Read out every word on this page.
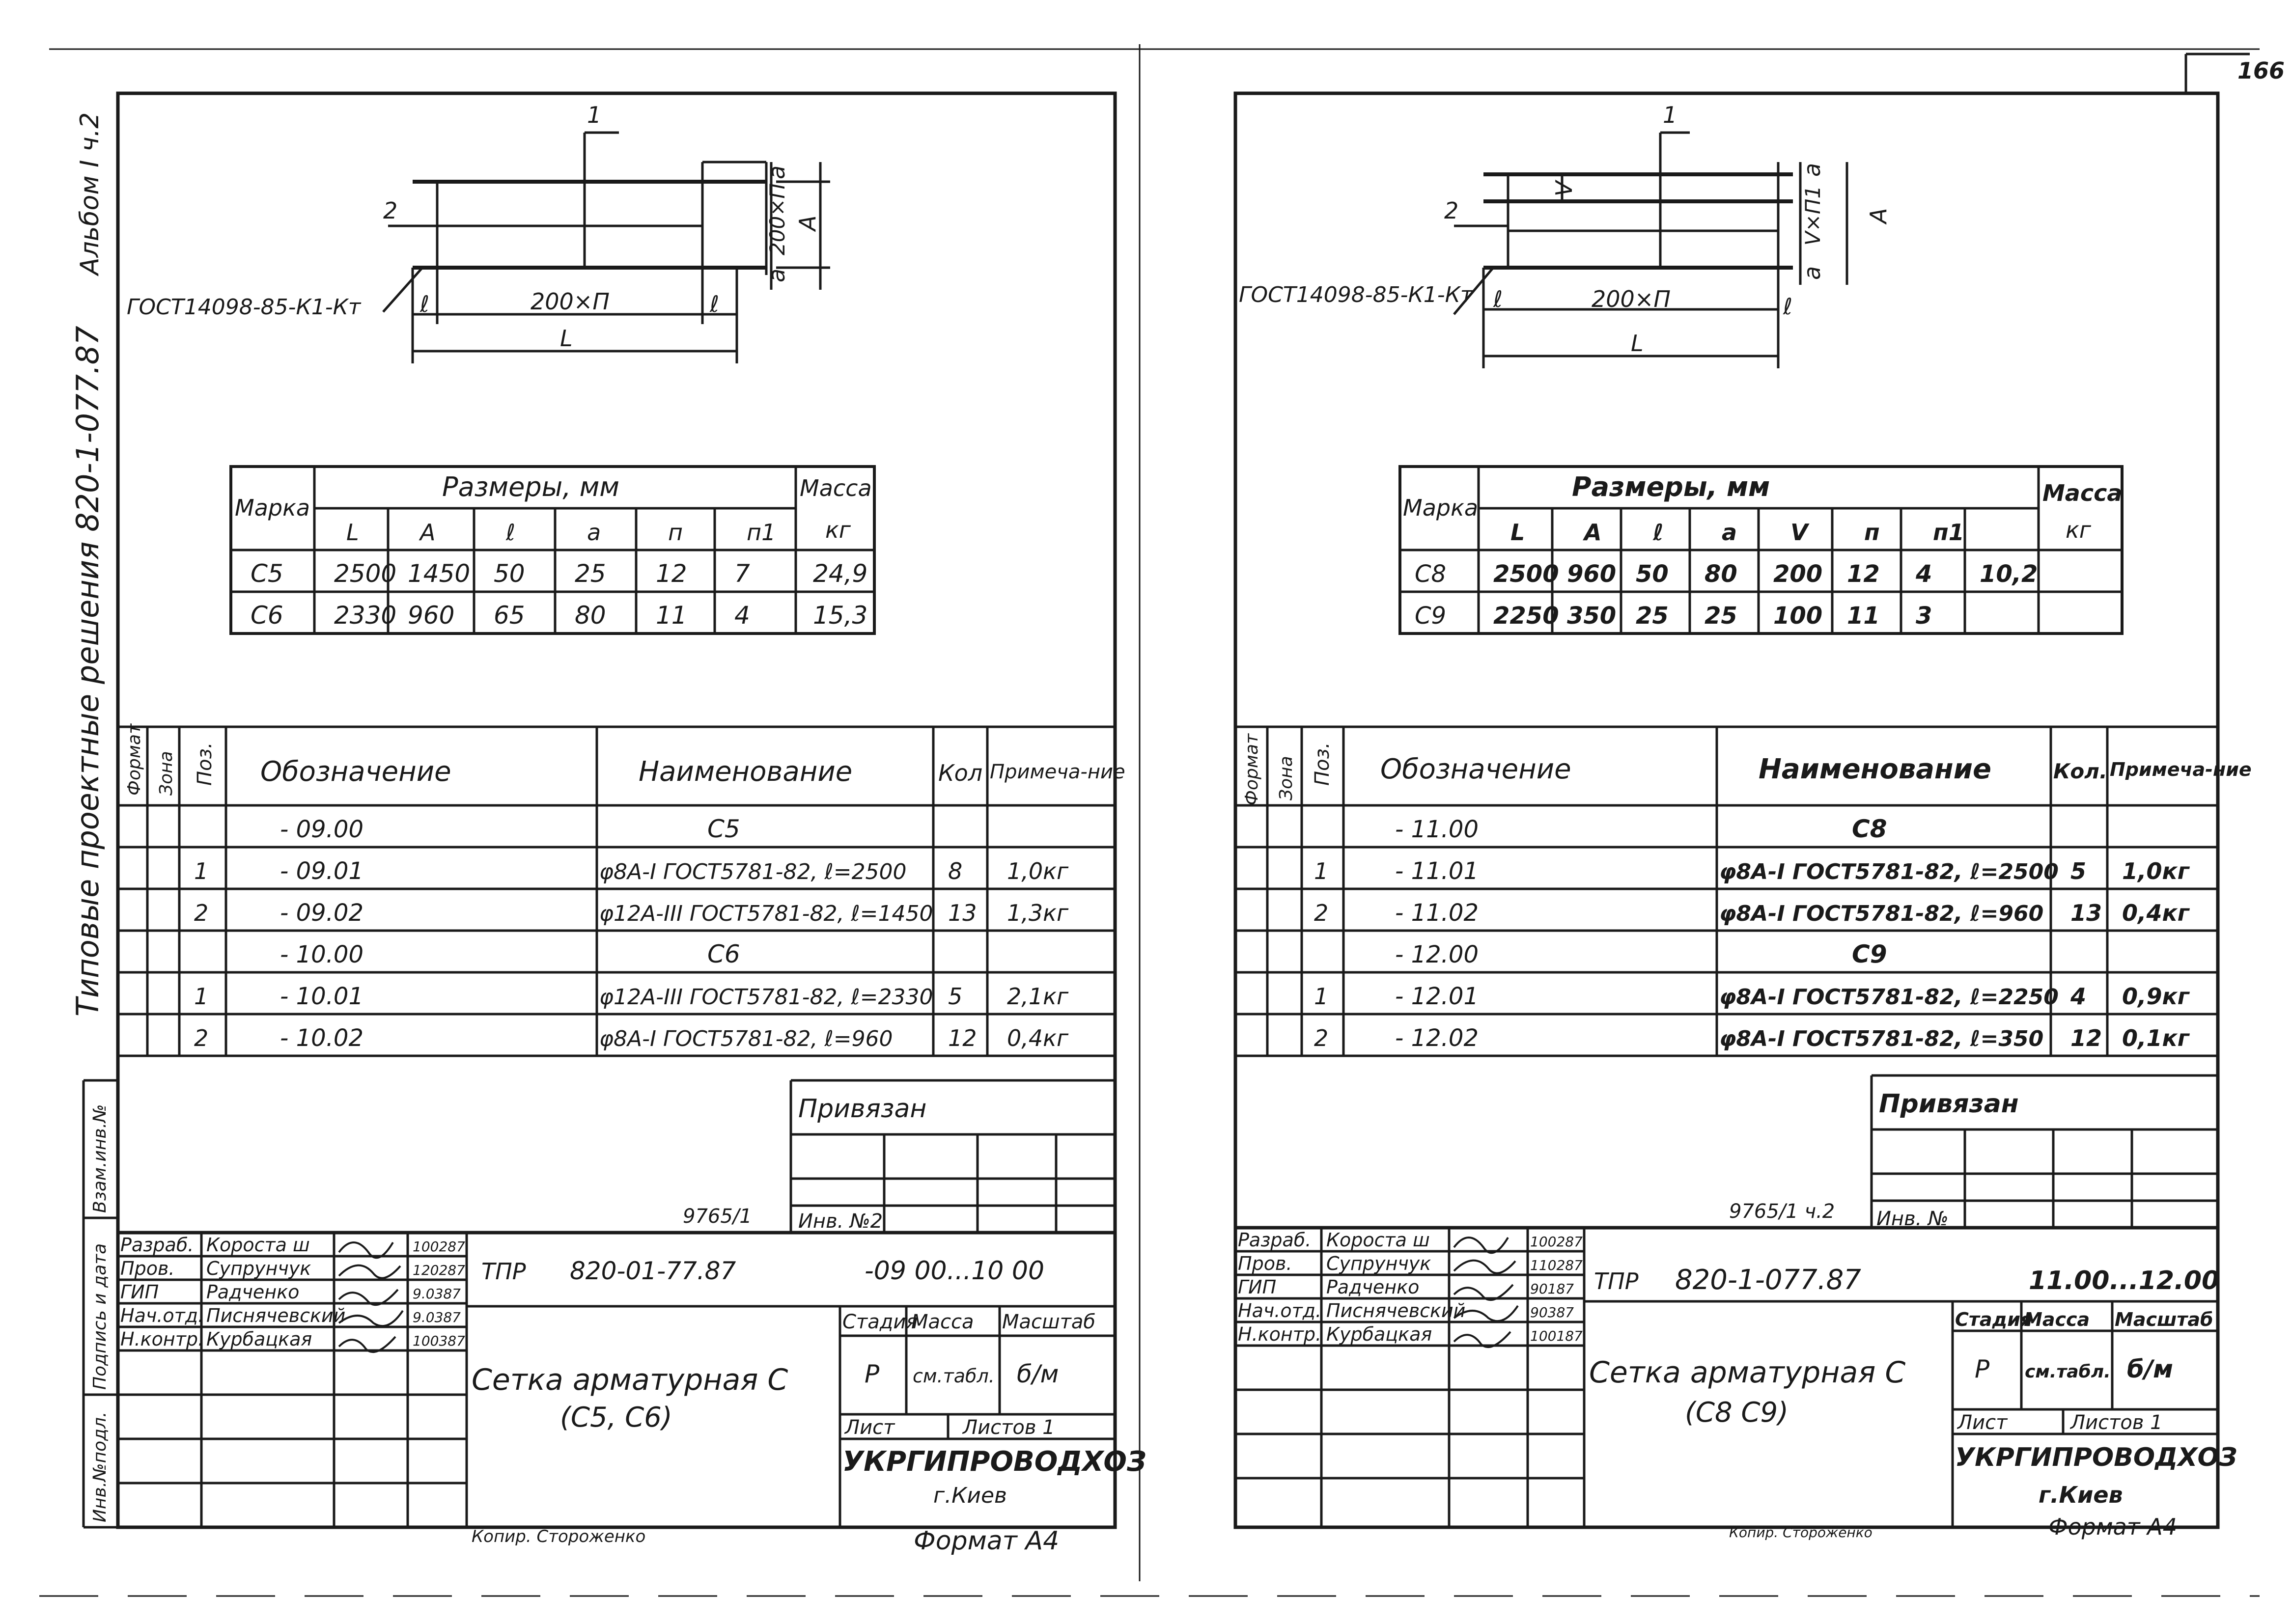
166
Альбом I ч.2
Типовые проектные решения 820-1-077.87
Инв.№подл.
Подпись и дата
Взам.инв.№
1
2
ГОСТ14098-85-К1-Кт	ℓ	ℓ
200×П
L
a
a
200×П A
Марка
Размеры, мм	Масса
кг
L	A	ℓ	a	п	п1
С5 2500 1450 50 25 12 7	24,9
С6 2330 960 65 80 11 4	15,3
Формат Зона Поз. Обозначение	Наименование	Кол Примеча-ние
- 09.00	С5
1	- 09.01	φ8А-I ГОСТ5781-82, ℓ=2500 8 1,0кг
2	- 09.02	φ12А-III ГОСТ5781-82, ℓ=1450 13 1,3кг
- 10.00	С6
1	- 10.01	φ12А-III ГОСТ5781-82, ℓ=2330 5 2,1кг
2	- 10.02	φ8А-I ГОСТ5781-82, ℓ=960 12 0,4кг
Привязан
Инв. №2
9765/1
Разраб. Короста ш	100287
Пров. Супрунчук	120287
ГИП	Радченко	9.0387
Нач.отд. Писнячевский	9.0387
Н.контр. Курбацкая	100387
ТПР 820-01-77.87	-09 00...10 00
Сетка арматурная С
(С5, С6)
Стадия
Масса Масштаб
Р см.табл. б/м
Лист	Листов 1
УКРГИПРОВОДХОЗ
г.Киев
Копир. Стороженко	Формат А4
1
2
ГОСТ14098-85-К1-Кт ℓ	ℓ
200×П
L
V
a
a
V×П1 A
Марка
Размеры, мм	Масса
кг
L	A ℓ	a V п п1
С8 2500 960 50 80 200 12 4 10,2
С9 2250 350 25 25 100 11 3
Формат Зона Поз. Обозначение	Наименование	Кол. Примеча-ние
- 11.00	С8
1	- 11.01	φ8А-I ГОСТ5781-82, ℓ=2500 5 1,0кг
2	- 11.02	φ8А-I ГОСТ5781-82, ℓ=960 13 0,4кг
- 12.00	С9
1	- 12.01	φ8А-I ГОСТ5781-82, ℓ=2250 4 0,9кг
2	- 12.02	φ8А-I ГОСТ5781-82, ℓ=350 12 0,1кг
Привязан
Инв. №
9765/1 ч.2
Разраб. Короста ш	100287
Пров. Супрунчук	110287
ГИП	Радченко	90187
Нач.отд. Писнячевский	90387
Н.контр. Курбацкая	100187
ТПР 820-1-077.87	11.00...12.00
Сетка арматурная С
(С8 С9)
Стадия
Масса Масштаб
Р см.табл. б/м
Лист	Листов 1
УКРГИПРОВОДХОЗ
г.Киев
Копир. Стороженко	Формат А4
